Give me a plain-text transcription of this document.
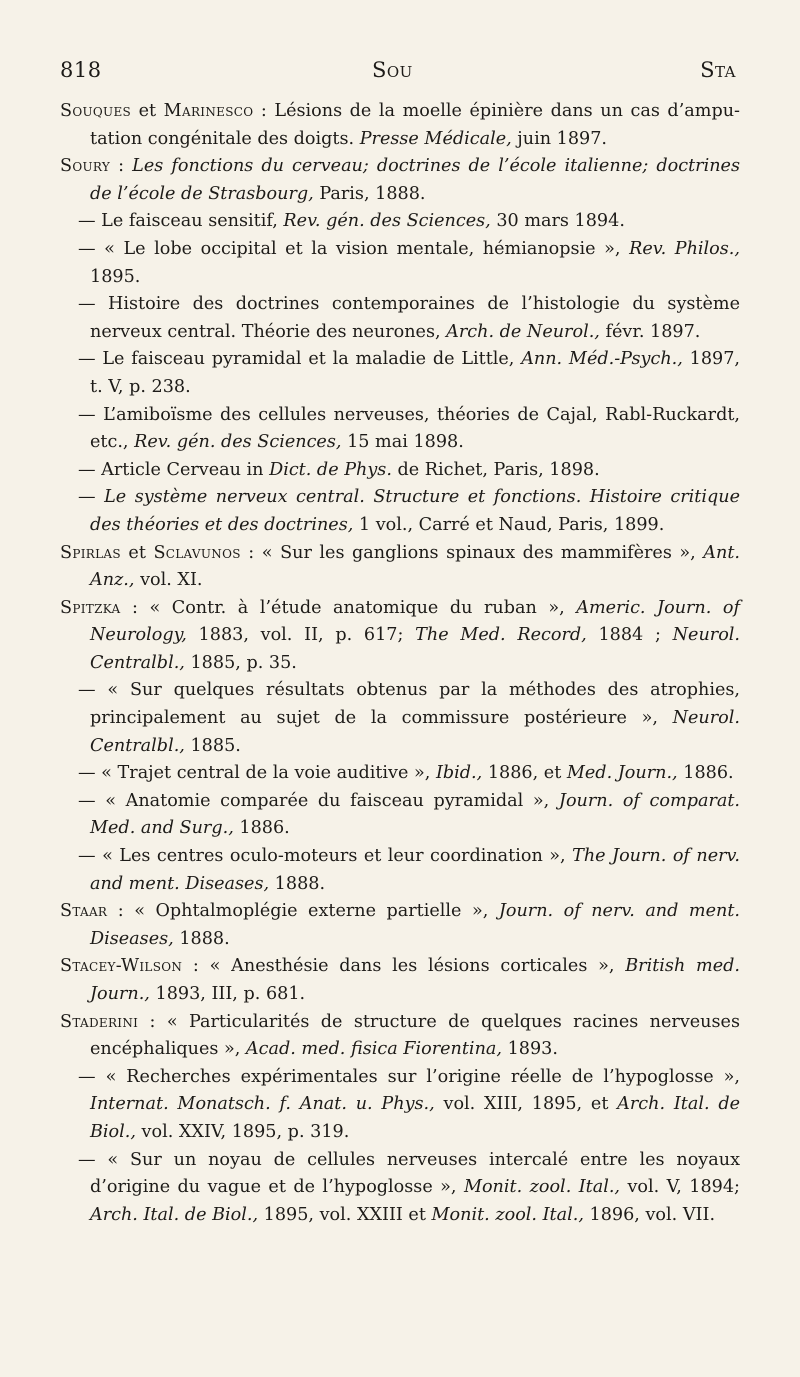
818	Sou	Sta
Souques et Marinesco : Lésions de la moelle épinière dans un cas d’ampu-tation congénitale des doigts. Presse Médicale, juin 1897.
Soury : Les fonctions du cerveau; doctrines de l’école italienne; doctrines de l’école de Strasbourg, Paris, 1888.
— Le faisceau sensitif, Rev. gén. des Sciences, 30 mars 1894.
— « Le lobe occipital et la vision mentale, hémianopsie », Rev. Philos., 1895.
— Histoire des doctrines contemporaines de l’histologie du système nerveux central. Théorie des neurones, Arch. de Neurol., févr. 1897.
— Le faisceau pyramidal et la maladie de Little, Ann. Méd.-Psych., 1897, t. V, p. 238.
— L’amiboïsme des cellules nerveuses, théories de Cajal, Rabl-Ruckardt, etc., Rev. gén. des Sciences, 15 mai 1898.
— Article Cerveau in Dict. de Phys. de Richet, Paris, 1898.
— Le système nerveux central. Structure et fonctions. Histoire critique des théories et des doctrines, 1 vol., Carré et Naud, Paris, 1899.
Spirlas et Sclavunos : « Sur les ganglions spinaux des mammifères », Ant. Anz., vol. XI.
Spitzka : « Contr. à l’étude anatomique du ruban », Americ. Journ. of Neurology, 1883, vol. II, p. 617; The Med. Record, 1884 ; Neurol. Centralbl., 1885, p. 35.
— « Sur quelques résultats obtenus par la méthodes des atrophies, principalement au sujet de la commissure postérieure », Neurol. Centralbl., 1885.
— « Trajet central de la voie auditive », Ibid., 1886, et Med. Journ., 1886.
— « Anatomie comparée du faisceau pyramidal », Journ. of comparat. Med. and Surg., 1886.
— « Les centres oculo-moteurs et leur coordination », The Journ. of nerv. and ment. Diseases, 1888.
Staar : « Ophtalmoplégie externe partielle », Journ. of nerv. and ment. Diseases, 1888.
Stacey-Wilson : « Anesthésie dans les lésions corticales », British med. Journ., 1893, III, p. 681.
Staderini : « Particularités de structure de quelques racines nerveuses encéphaliques », Acad. med. fisica Fiorentina, 1893.
— « Recherches expérimentales sur l’origine réelle de l’hypoglosse », Internat. Monatsch. f. Anat. u. Phys., vol. XIII, 1895, et Arch. Ital. de Biol., vol. XXIV, 1895, p. 319.
— « Sur un noyau de cellules nerveuses intercalé entre les noyaux d’origine du vague et de l’hypoglosse », Monit. zool. Ital., vol. V, 1894; Arch. Ital. de Biol., 1895, vol. XXIII et Monit. zool. Ital., 1896, vol. VII.
